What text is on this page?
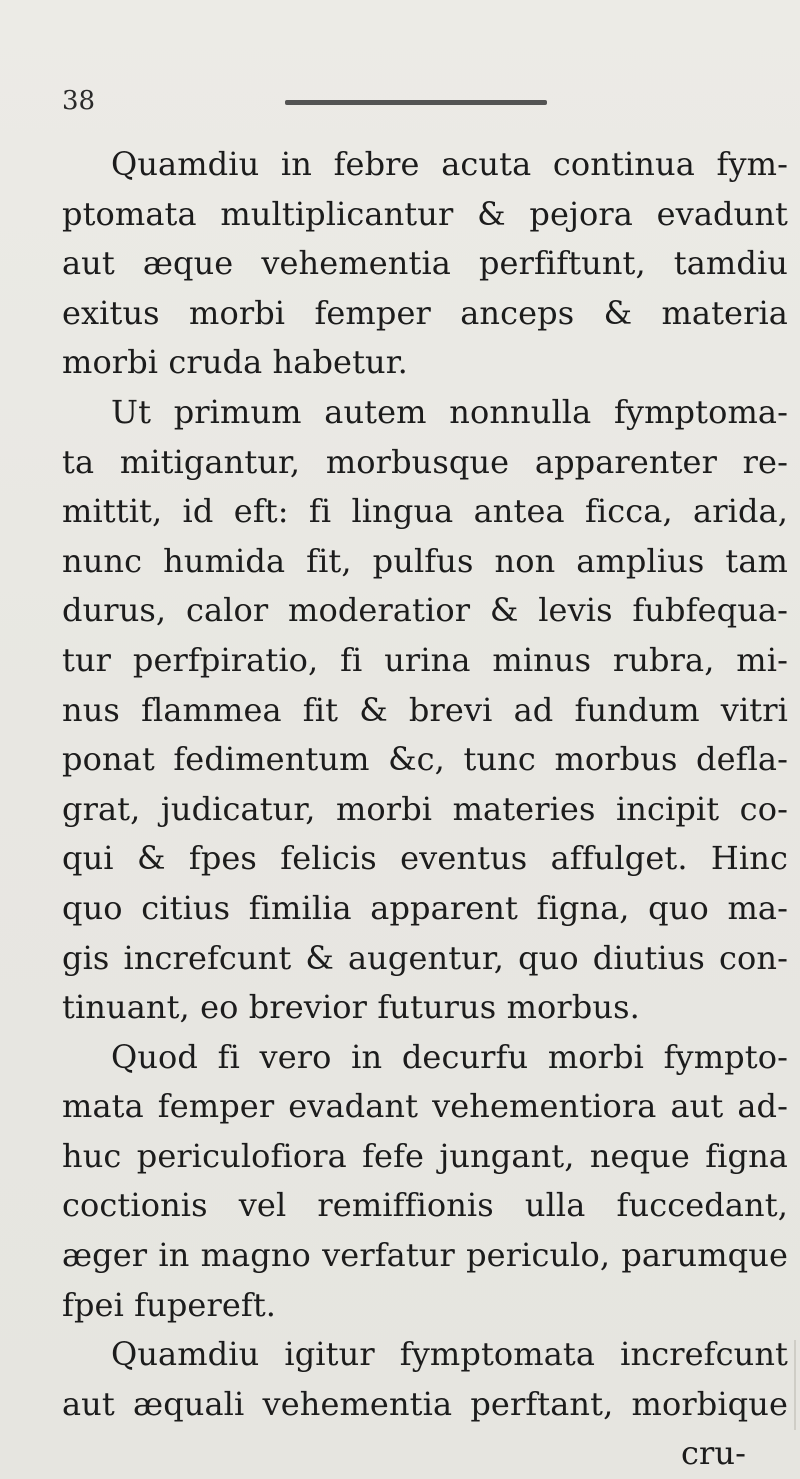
38
Quamdiu in febre acuta continua fym-
ptomata multiplicantur & pejora evadunt
aut æque vehementia perfiftunt, tamdiu
exitus morbi femper anceps & materia
morbi cruda habetur.
Ut primum autem nonnulla fymptoma-
ta mitigantur, morbusque apparenter re-
mittit, id eft: fi lingua antea ficca, arida,
nunc humida fit, pulfus non amplius tam
durus, calor moderatior & levis fubfequa-
tur perfpiratio, fi urina minus rubra, mi-
nus flammea fit & brevi ad fundum vitri
ponat fedimentum &c, tunc morbus defla-
grat, judicatur, morbi materies incipit co-
qui & fpes felicis eventus affulget. Hinc
quo citius fimilia apparent figna, quo ma-
gis increfcunt & augentur, quo diutius con-
tinuant, eo brevior futurus morbus.
Quod fi vero in decurfu morbi fympto-
mata femper evadant vehementiora aut ad-
huc periculofiora fefe jungant, neque figna
coctionis vel remiffionis ulla fuccedant,
æger in magno verfatur periculo, parumque
fpei fupereft.
Quamdiu igitur fymptomata increfcunt
aut æquali vehementia perftant, morbique
cru-
